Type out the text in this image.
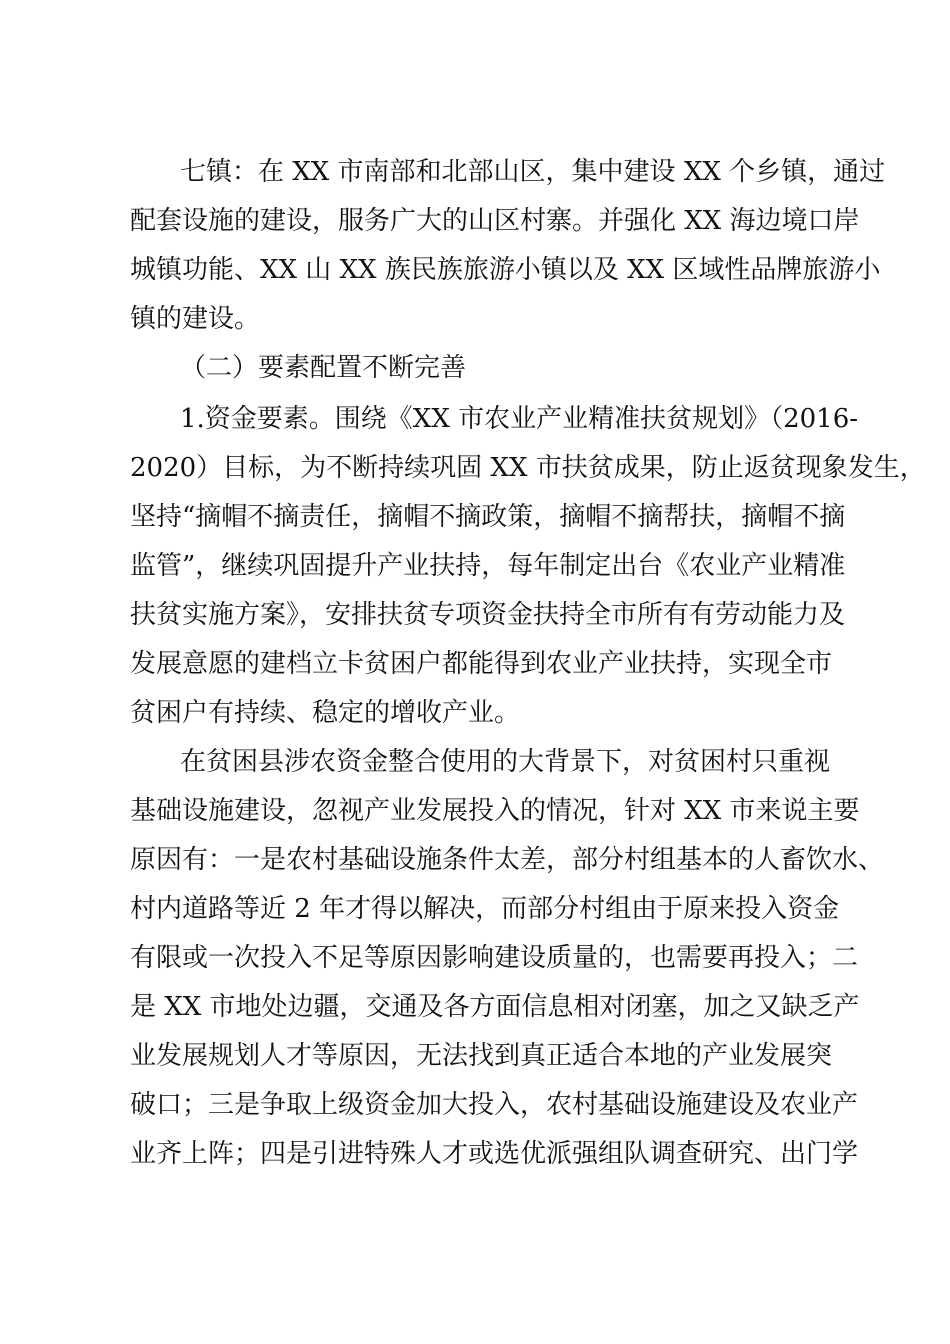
七镇：在 XX 市南部和北部山区，集中建设 XX 个乡镇，通过
配套设施的建设，服务广大的山区村寨。并强化 XX 海边境口岸
城镇功能、XX 山 XX 族民族旅游小镇以及 XX 区域性品牌旅游小
镇的建设。
（二）要素配置不断完善
1.资金要素。围绕《XX 市农业产业精准扶贫规划》（2016-
2020）目标，为不断持续巩固 XX 市扶贫成果，防止返贫现象发生，
坚持“摘帽不摘责任，摘帽不摘政策，摘帽不摘帮扶，摘帽不摘
监管”，继续巩固提升产业扶持，每年制定出台《农业产业精准
扶贫实施方案》，安排扶贫专项资金扶持全市所有有劳动能力及
发展意愿的建档立卡贫困户都能得到农业产业扶持，实现全市
贫困户有持续、稳定的增收产业。
在贫困县涉农资金整合使用的大背景下，对贫困村只重视
基础设施建设，忽视产业发展投入的情况，针对 XX 市来说主要
原因有：一是农村基础设施条件太差，部分村组基本的人畜饮水、
村内道路等近 2 年才得以解决，而部分村组由于原来投入资金
有限或一次投入不足等原因影响建设质量的，也需要再投入；二
是 XX 市地处边疆，交通及各方面信息相对闭塞，加之又缺乏产
业发展规划人才等原因，无法找到真正适合本地的产业发展突
破口；三是争取上级资金加大投入，农村基础设施建设及农业产
业齐上阵；四是引进特殊人才或选优派强组队调查研究、出门学
